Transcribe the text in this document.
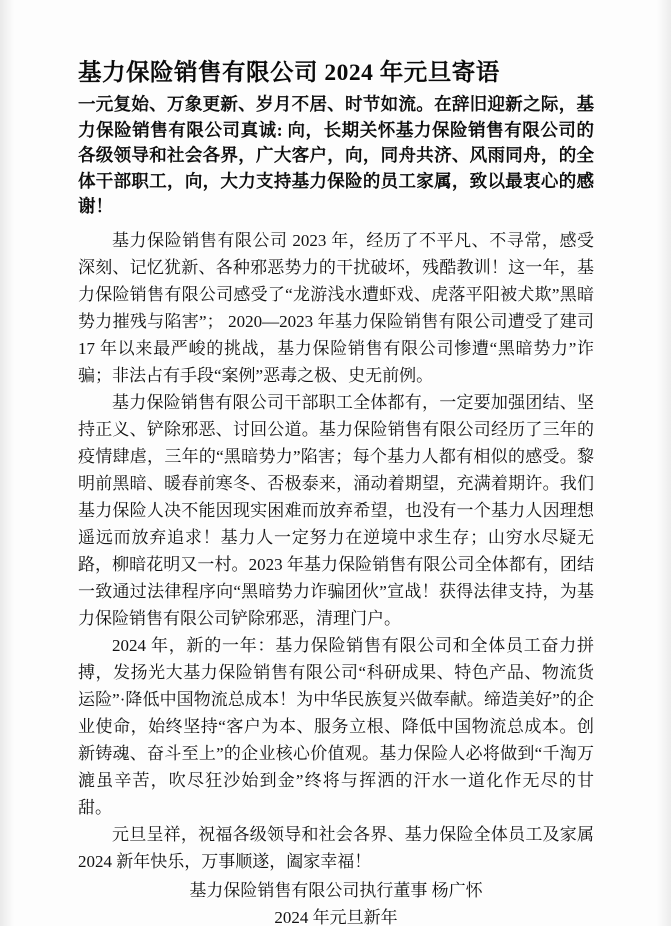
基力保险销售有限公司 2024 年元旦寄语

一元复始、万象更新、岁月不居、时节如流。在辞旧迎新之际，基力保险销售有限公司真诚: 向，长期关怀基力保险销售有限公司的各级领导和社会各界，广大客户，向，同舟共济、风雨同舟，的全体干部职工，向，大力支持基力保险的员工家属，致以最衷心的感谢！

基力保险销售有限公司 2023 年，经历了不平凡、不寻常，感受深刻、记忆犹新、各种邪恶势力的干扰破坏，残酷教训！这一年，基力保险销售有限公司感受了“龙游浅水遭虾戏、虎落平阳被犬欺”黑暗势力摧残与陷害”； 2020—2023 年基力保险销售有限公司遭受了建司 17 年以来最严峻的挑战，基力保险销售有限公司惨遭“黑暗势力”诈骗；非法占有手段“案例”恶毒之极、史无前例。

基力保险销售有限公司干部职工全体都有，一定要加强团结、坚持正义、铲除邪恶、讨回公道。基力保险销售有限公司经历了三年的疫情肆虐，三年的“黑暗势力”陷害；每个基力人都有相似的感受。黎明前黑暗、暖春前寒冬、否极泰来，涌动着期望，充满着期许。我们基力保险人决不能因现实困难而放弃希望，也没有一个基力人因理想遥远而放弃追求！基力人一定努力在逆境中求生存；山穷水尽疑无路，柳暗花明又一村。2023 年基力保险销售有限公司全体都有，团结一致通过法律程序向“黑暗势力诈骗团伙”宣战！获得法律支持，为基力保险销售有限公司铲除邪恶，清理门户。

2024 年，新的一年：基力保险销售有限公司和全体员工奋力拼搏，发扬光大基力保险销售有限公司“科研成果、特色产品、物流货运险”·降低中国物流总成本！为中华民族复兴做奉献。缔造美好”的企业使命，始终坚持“客户为本、服务立根、降低中国物流总成本。创新铸魂、奋斗至上”的企业核心价值观。基力保险人必将做到“千淘万漉虽辛苦，吹尽狂沙始到金”终将与挥洒的汗水一道化作无尽的甘甜。

元旦呈祥，祝福各级领导和社会各界、基力保险全体员工及家属 2024 新年快乐，万事顺遂，阖家幸福！

基力保险销售有限公司执行董事 杨广怀

2024 年元旦新年
